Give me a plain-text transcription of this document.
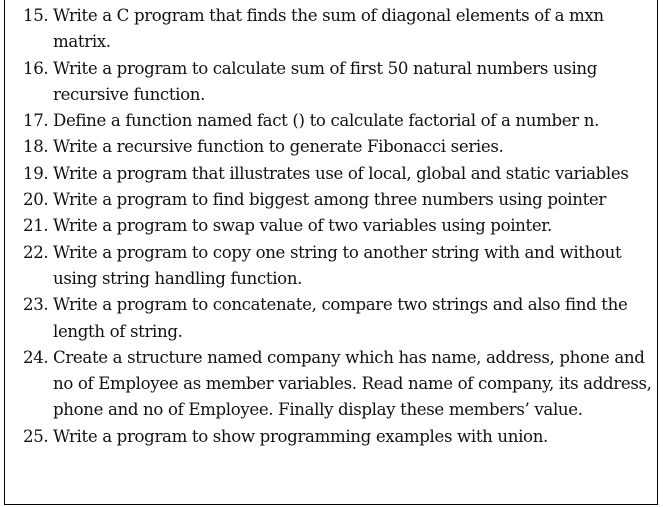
15. Write a C program that finds the sum of diagonal elements of a mxn matrix.
16. Write a program to calculate sum of first 50 natural numbers using recursive function.
17. Define a function named fact () to calculate factorial of a number n.
18. Write a recursive function to generate Fibonacci series.
19. Write a program that illustrates use of local, global and static variables
20. Write a program to find biggest among three numbers using pointer
21. Write a program to swap value of two variables using pointer.
22. Write a program to copy one string to another string with and without using string handling function.
23. Write a program to concatenate, compare two strings and also find the length of string.
24. Create a structure named company which has name, address, phone and no of Employee as member variables. Read name of company, its address, phone and no of Employee. Finally display these members’ value.
25. Write a program to show programming examples with union.
